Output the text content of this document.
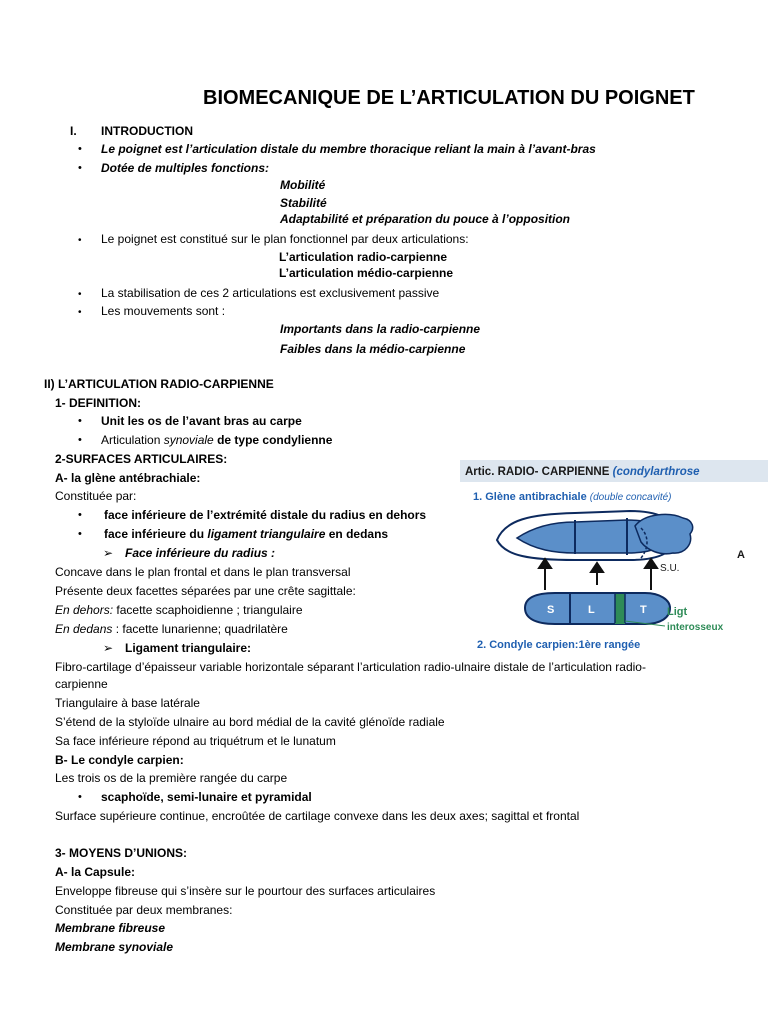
BIOMECANIQUE DE L’ARTICULATION DU POIGNET
I. INTRODUCTION
• Le poignet est l’articulation distale du membre thoracique reliant la main à l’avant-bras
• Dotée de multiples fonctions:
Mobilité
Stabilité
Adaptabilité et préparation du pouce à l’opposition
• Le poignet est constitué sur le plan fonctionnel par deux articulations:
L’articulation radio-carpienne
L’articulation médio-carpienne
• La stabilisation de ces 2 articulations est exclusivement passive
• Les mouvements sont :
Importants dans la radio-carpienne
Faibles dans la médio-carpienne
II) L’ARTICULATION RADIO-CARPIENNE
1- DEFINITION:
• Unit les os de l’avant bras au carpe
• Articulation synoviale de type condylienne
2-SURFACES ARTICULAIRES:
A- la glène antébrachiale:
Constituée par:
• face inférieure de l’extrémité distale du radius en dehors
• face inférieure du ligament triangulaire en dedans
➢ Face inférieure du radius :
Concave dans le plan frontal et dans le plan transversal
Présente deux facettes séparées par une crête sagittale:
En dehors: facette scaphoidienne ; triangulaire
En dedans : facette lunarienne; quadrilatère
➢ Ligament triangulaire:
Fibro-cartilage d’épaisseur variable horizontale séparant l’articulation radio-ulnaire distale de l’articulation radio-
carpienne
Triangulaire à base latérale
S’étend de la styloïde ulnaire au bord médial de la cavité glénoïde radiale
Sa face inférieure répond au triquétrum et le lunatum
B- Le condyle carpien:
Les trois os de la première rangée du carpe
• scaphoïde, semi-lunaire et pyramidal
Surface supérieure continue, encroûtée de cartilage convexe dans les deux axes; sagittal et frontal
3- MOYENS D’UNIONS:
A- la Capsule:
Enveloppe fibreuse qui s’insère sur le pourtour des surfaces articulaires
Constituée par deux membranes:
Membrane fibreuse
Membrane synoviale
Artic. RADIO- CARPIENNE (condylarthrose
1. Glène antibrachiale (double concavité)
S.U.
A
S	L	T Ligt
interosseux
2. Condyle carpien:1ère rangée
